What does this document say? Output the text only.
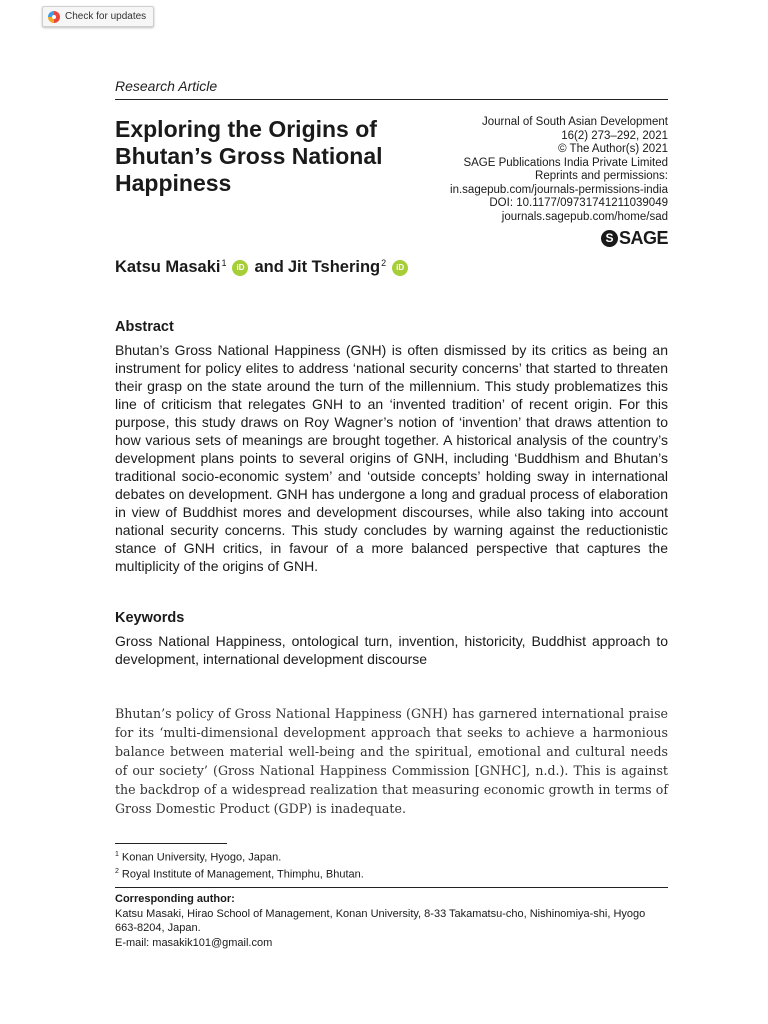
Check for updates
Research Article
Exploring the Origins of Bhutan’s Gross National Happiness
Journal of South Asian Development
16(2) 273–292, 2021
© The Author(s) 2021
SAGE Publications India Private Limited
Reprints and permissions:
in.sagepub.com/journals-permissions-india
DOI: 10.1177/09731741211039049
journals.sagepub.com/home/sad
S SAGE
Katsu Masaki$^1$	iD and Jit Tshering$^2$	iD
Abstract

Bhutan’s Gross National Happiness (GNH) is often dismissed by its critics as being an instrument for policy elites to address ‘national security concerns’ that started to threaten their grasp on the state around the turn of the millennium. This study problematizes this line of criticism that relegates GNH to an ‘invented tradition’ of recent origin. For this purpose, this study draws on Roy Wagner’s notion of ‘invention’ that draws attention to how various sets of meanings are brought together. A historical analysis of the country’s development plans points to several origins of GNH, including ‘Buddhism and Bhutan’s traditional socio-economic system’ and ‘outside concepts’ holding sway in international debates on development. GNH has undergone a long and gradual process of elaboration in view of Buddhist mores and development discourses, while also taking into account national security concerns. This study concludes by warning against the reductionistic stance of GNH critics, in favour of a more balanced perspective that captures the multiplicity of the origins of GNH.

Keywords

Gross National Happiness, ontological turn, invention, historicity, Buddhist approach to development, international development discourse

Bhutan’s policy of Gross National Happiness (GNH) has garnered international praise for its ‘multi-dimensional development approach that seeks to achieve a harmonious balance between material well-being and the spiritual, emotional and cultural needs of our society’ (Gross National Happiness Commission [GNHC], n.d.). This is against the backdrop of a widespread realization that measuring economic growth in terms of Gross Domestic Product (GDP) is inadequate.

$^1$ Konan University, Hyogo, Japan.
$^2$ Royal Institute of Management, Thimphu, Bhutan.
Corresponding author:
Katsu Masaki, Hirao School of Management, Konan University, 8-33 Takamatsu-cho, Nishinomiya-shi, Hyogo 663-8204, Japan.
E-mail: masakik101@gmail.com
